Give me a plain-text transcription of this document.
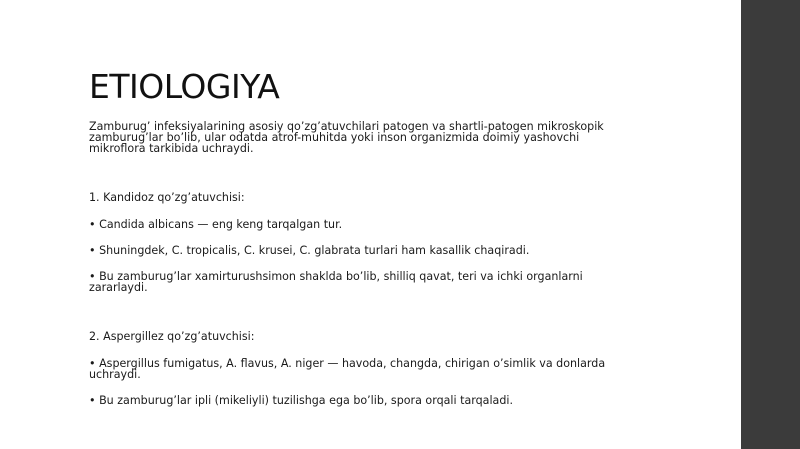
ETIOLOGIYA

Zamburug’ infeksiyalarining asosiy qo’zg’atuvchilari patogen va shartli-patogen mikroskopik

zamburug’lar bo’lib, ular odatda atrof-muhitda yoki inson organizmida doimiy yashovchi

mikroflora tarkibida uchraydi.

1. Kandidoz qo’zg’atuvchisi:

• Candida albicans — eng keng tarqalgan tur.

• Shuningdek, C. tropicalis, C. krusei, C. glabrata turlari ham kasallik chaqiradi.

• Bu zamburug’lar xamirturushsimon shaklda bo’lib, shilliq qavat, teri va ichki organlarni

zararlaydi.

2. Aspergillez qo’zg’atuvchisi:

• Aspergillus fumigatus, A. flavus, A. niger — havoda, changda, chirigan o’simlik va donlarda

uchraydi.

• Bu zamburug’lar ipli (mikeliyli) tuzilishga ega bo’lib, spora orqali tarqaladi.
